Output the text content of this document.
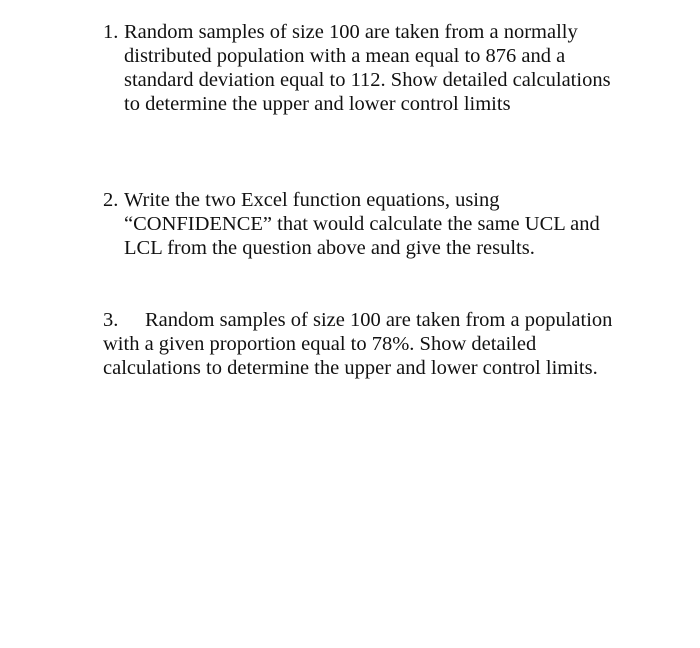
1. Random samples of size 100 are taken from a normally
distributed population with a mean equal to 876 and a
standard deviation equal to 112. Show detailed calculations
to determine the upper and lower control limits
2. Write the two Excel function equations, using
“CONFIDENCE” that would calculate the same UCL and
LCL from the question above and give the results.
3. Random samples of size 100 are taken from a population
with a given proportion equal to 78%. Show detailed
calculations to determine the upper and lower control limits.
